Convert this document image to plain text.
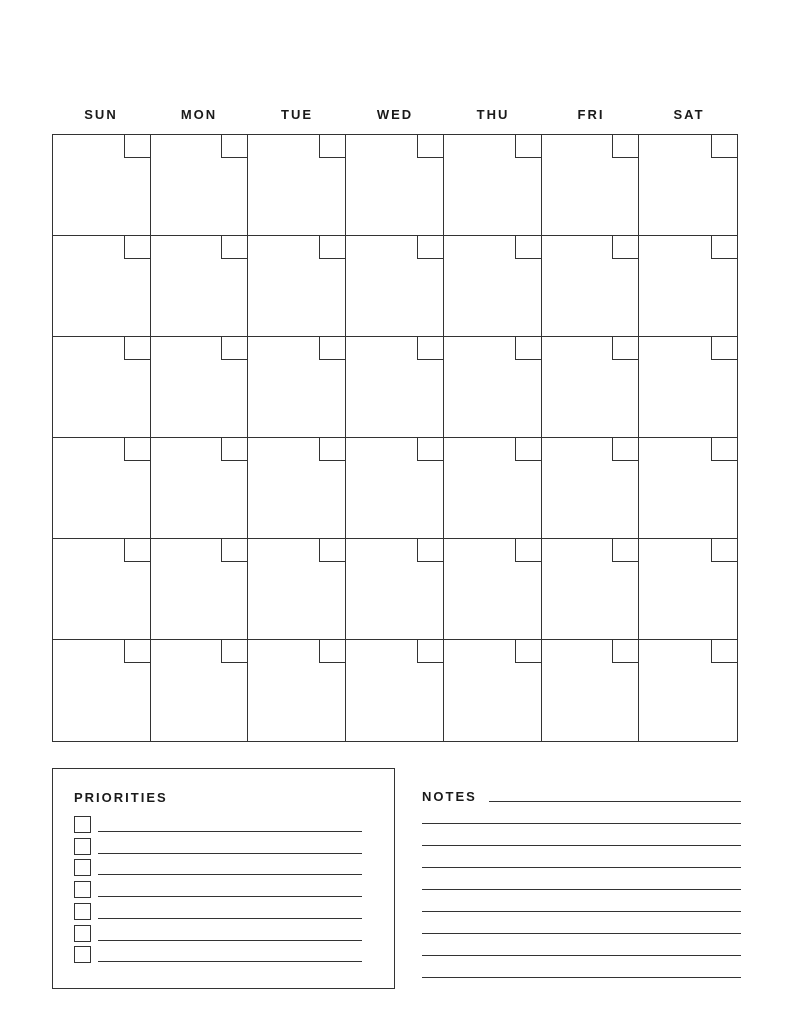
SUN	MON	TUE	WED	THU	FRI	SAT
PRIORITIES	NOTES
